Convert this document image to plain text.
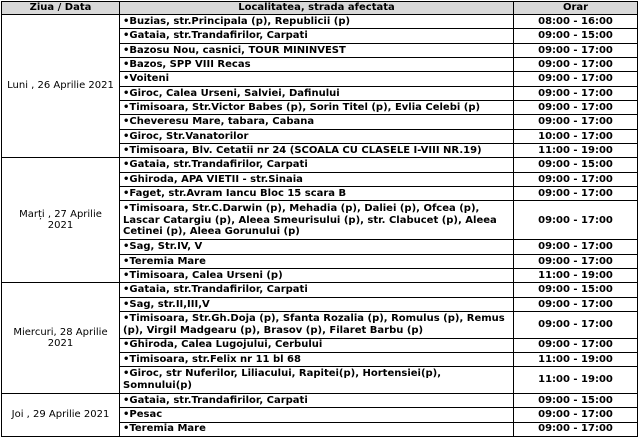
Ziua / Data	Localitatea, strada afectata	Orar
Luni , 26 Aprilie 2021	•Buzias, str.Principala (p), Republicii (p)	08:00 - 16:00
	•Gataia, str.Trandafirilor, Carpati	09:00 - 15:00
	•Bazosu Nou, casnici, TOUR MININVEST	09:00 - 17:00
	•Bazos, SPP VIII Recas	09:00 - 17:00
	•Voiteni	09:00 - 17:00
	•Giroc, Calea Urseni, Salviei, Dafinului	09:00 - 17:00
	•Timisoara, Str.Victor Babes (p), Sorin Titel (p), Evlia Celebi (p)	09:00 - 17:00
	•Cheveresu Mare, tabara, Cabana	09:00 - 17:00
	•Giroc, Str.Vanatorilor	10:00 - 17:00
	•Timisoara, Blv. Cetatii nr 24 (SCOALA CU CLASELE I-VIII NR.19)	11:00 - 19:00
Marți , 27 Aprilie 2021	•Gataia, str.Trandafirilor, Carpati	09:00 - 15:00
	•Ghiroda, APA VIETII - str.Sinaia	09:00 - 17:00
	•Faget, str.Avram Iancu Bloc 15 scara B	09:00 - 17:00
	•Timisoara, Str.C.Darwin (p), Mehadia (p), Daliei (p), Ofcea (p), Lascar Catargiu (p), Aleea Smeurisului (p), str. Clabucet (p), Aleea Cetinei (p), Aleea Gorunului (p)	09:00 - 17:00
	•Sag, Str.IV, V	09:00 - 17:00
	•Teremia Mare	09:00 - 17:00
	•Timisoara, Calea Urseni (p)	11:00 - 19:00
Miercuri, 28 Aprilie 2021	•Gataia, str.Trandafirilor, Carpati	09:00 - 15:00
	•Sag, str.II,III,V	09:00 - 17:00
	•Timisoara, Str.Gh.Doja (p), Sfanta Rozalia (p), Romulus (p), Remus (p), Virgil Madgearu (p), Brasov (p), Filaret Barbu (p)	09:00 - 17:00
	•Ghiroda, Calea Lugojului, Cerbului	09:00 - 17:00
	•Timisoara, str.Felix nr 11 bl 68	11:00 - 19:00
	•Giroc, str Nuferilor, Liliacului, Rapitei(p), Hortensiei(p), Somnului(p)	11:00 - 19:00
Joi , 29 Aprilie 2021	•Gataia, str.Trandafirilor, Carpati	09:00 - 15:00
	•Pesac	09:00 - 17:00
	•Teremia Mare	09:00 - 17:00
